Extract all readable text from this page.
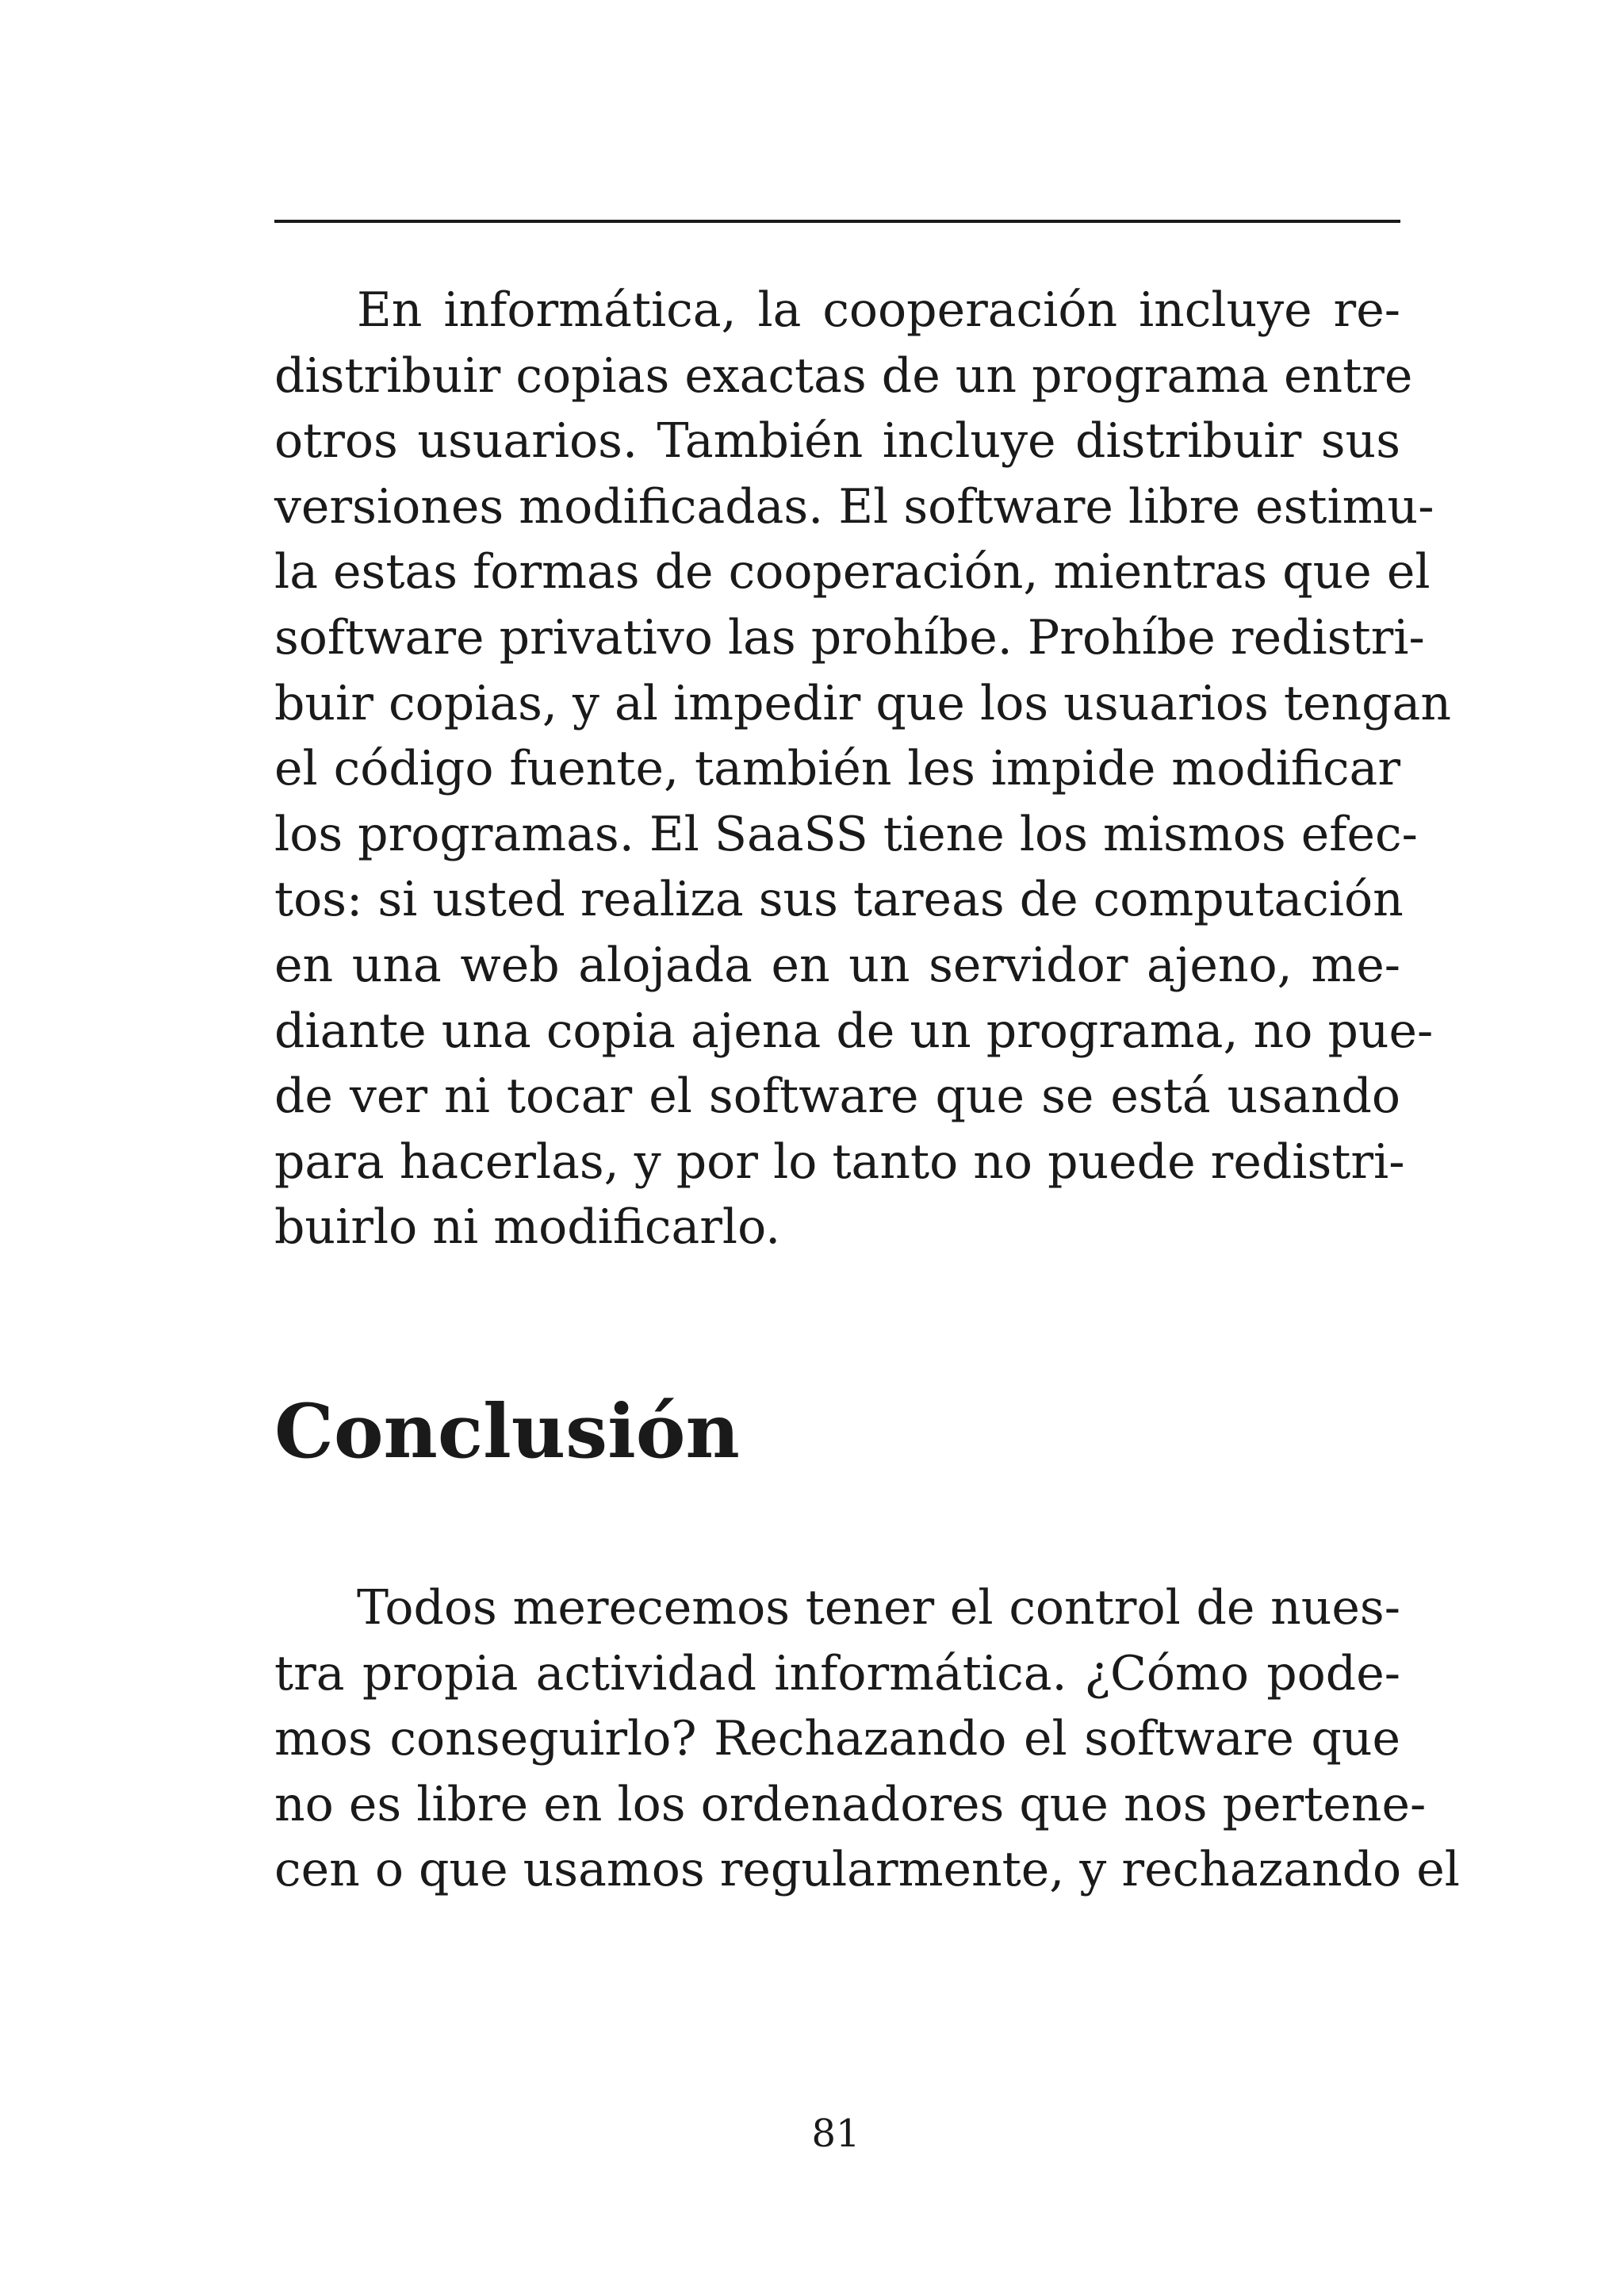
En informática, la cooperación incluye re-
distribuir copias exactas de un programa entre
otros usuarios. También incluye distribuir sus
versiones modificadas. El software libre estimu-
la estas formas de cooperación, mientras que el
software privativo las prohíbe. Prohíbe redistri-
buir copias, y al impedir que los usuarios tengan
el código fuente, también les impide modificar
los programas. El SaaSS tiene los mismos efec-
tos: si usted realiza sus tareas de computación
en una web alojada en un servidor ajeno, me-
diante una copia ajena de un programa, no pue-
de ver ni tocar el software que se está usando
para hacerlas, y por lo tanto no puede redistri-
buirlo ni modificarlo.
Conclusión
Todos merecemos tener el control de nues-
tra propia actividad informática. ¿Cómo pode-
mos conseguirlo? Rechazando el software que
no es libre en los ordenadores que nos pertene-
cen o que usamos regularmente, y rechazando el
81
